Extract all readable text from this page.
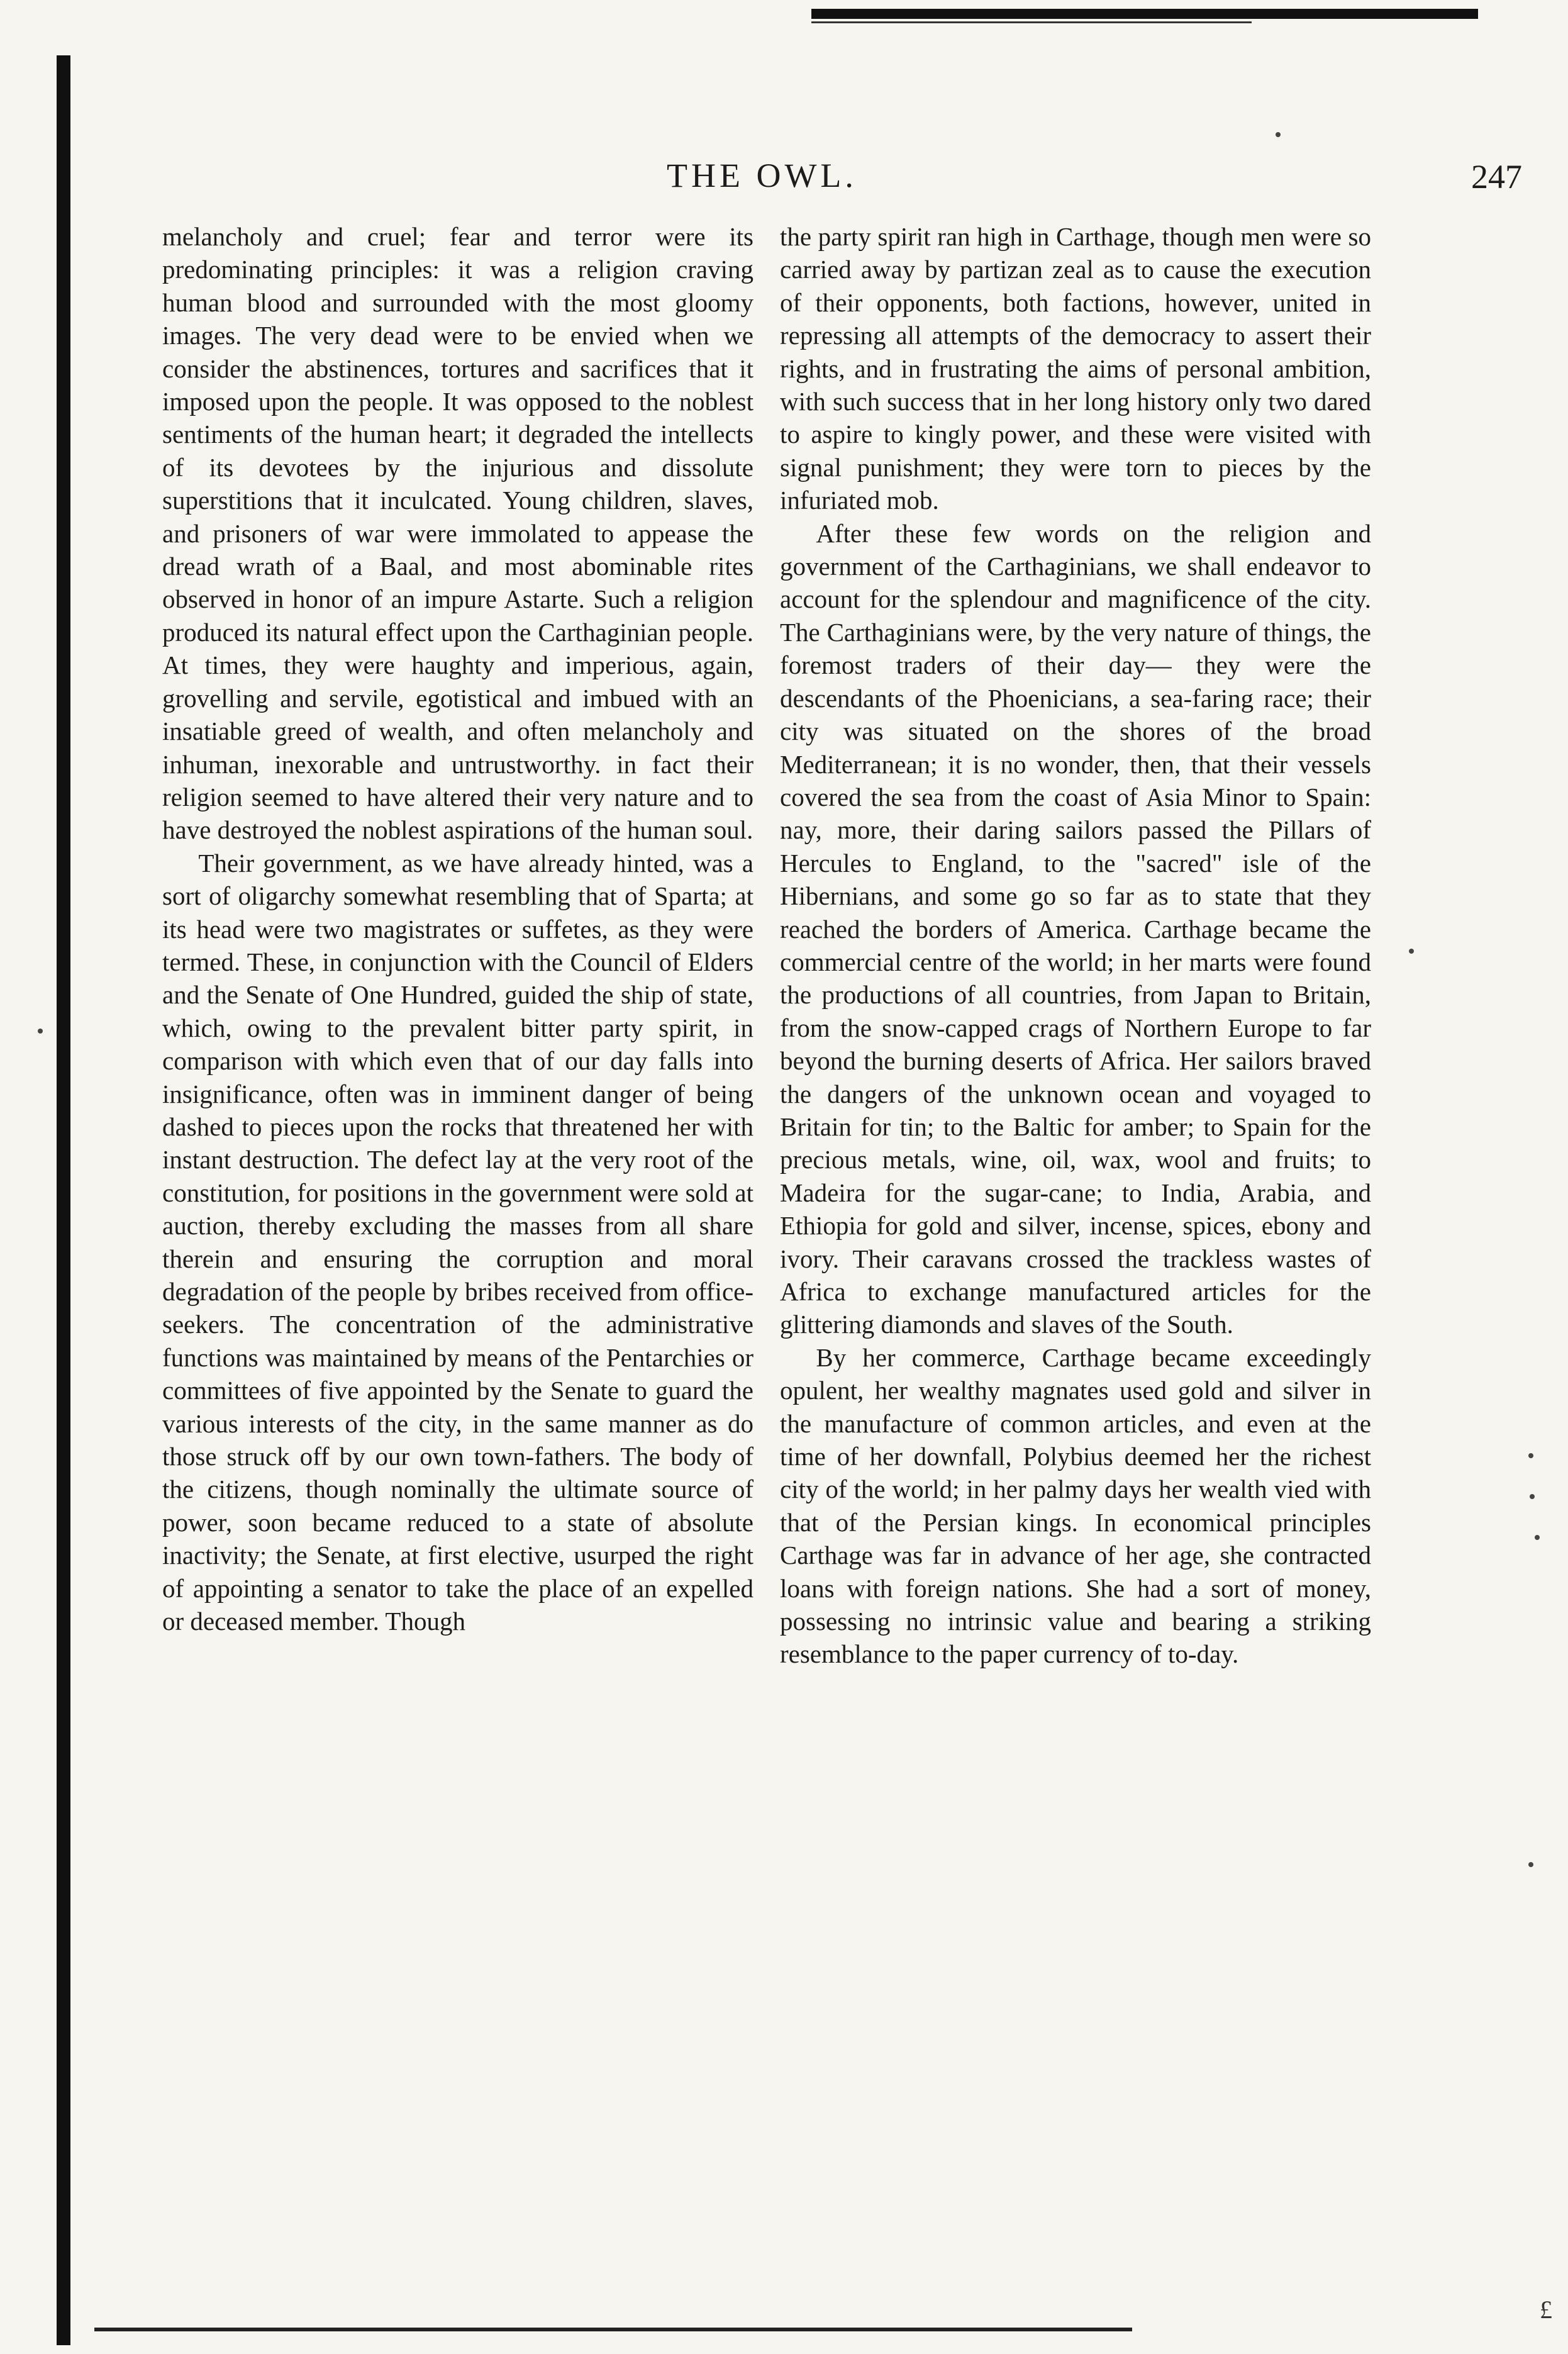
THE OWL.	247

melancholy and cruel; fear and terror were its predominating principles: it was a religion craving human blood and surrounded with the most gloomy images. The very dead were to be envied when we consider the abstinences, tortures and sacrifices that it imposed upon the people. It was opposed to the noblest sentiments of the human heart; it degraded the intellects of its devotees by the injurious and dissolute superstitions that it inculcated. Young children, slaves, and prisoners of war were immolated to appease the dread wrath of a Baal, and most abominable rites observed in honor of an impure Astarte. Such a religion produced its natural effect upon the Carthaginian people. At times, they were haughty and imperious, again, grovelling and servile, egotistical and imbued with an insatiable greed of wealth, and often melancholy and inhuman, inexorable and untrustworthy. in fact their religion seemed to have altered their very nature and to have destroyed the noblest aspirations of the human soul.

Their government, as we have already hinted, was a sort of oligarchy somewhat resembling that of Sparta; at its head were two magistrates or suffetes, as they were termed. These, in conjunction with the Council of Elders and the Senate of One Hundred, guided the ship of state, which, owing to the prevalent bitter party spirit, in comparison with which even that of our day falls into insignificance, often was in imminent danger of being dashed to pieces upon the rocks that threatened her with instant destruction. The defect lay at the very root of the constitution, for positions in the government were sold at auction, thereby excluding the masses from all share therein and ensuring the corruption and moral degradation of the people by bribes received from office-seekers. The concentration of the administrative functions was maintained by means of the Pentarchies or committees of five appointed by the Senate to guard the various interests of the city, in the same manner as do those struck off by our own town-fathers. The body of the citizens, though nominally the ultimate source of power, soon became reduced to a state of absolute inactivity; the Senate, at first elective, usurped the right of appointing a senator to take the place of an expelled or deceased member. Though

the party spirit ran high in Carthage, though men were so carried away by partizan zeal as to cause the execution of their opponents, both factions, however, united in repressing all attempts of the democracy to assert their rights, and in frustrating the aims of personal ambition, with such success that in her long history only two dared to aspire to kingly power, and these were visited with signal punishment; they were torn to pieces by the infuriated mob.

After these few words on the religion and government of the Carthaginians, we shall endeavor to account for the splendour and magnificence of the city. The Carthaginians were, by the very nature of things, the foremost traders of their day— they were the descendants of the Phoenicians, a sea-faring race; their city was situated on the shores of the broad Mediterranean; it is no wonder, then, that their vessels covered the sea from the coast of Asia Minor to Spain: nay, more, their daring sailors passed the Pillars of Hercules to England, to the "sacred" isle of the Hibernians, and some go so far as to state that they reached the borders of America. Carthage became the commercial centre of the world; in her marts were found the productions of all countries, from Japan to Britain, from the snow-capped crags of Northern Europe to far beyond the burning deserts of Africa. Her sailors braved the dangers of the unknown ocean and voyaged to Britain for tin; to the Baltic for amber; to Spain for the precious metals, wine, oil, wax, wool and fruits; to Madeira for the sugar-cane; to India, Arabia, and Ethiopia for gold and silver, incense, spices, ebony and ivory. Their caravans crossed the trackless wastes of Africa to exchange manufactured articles for the glittering diamonds and slaves of the South.

By her commerce, Carthage became exceedingly opulent, her wealthy magnates used gold and silver in the manufacture of common articles, and even at the time of her downfall, Polybius deemed her the richest city of the world; in her palmy days her wealth vied with that of the Persian kings. In economical principles Carthage was far in advance of her age, she contracted loans with foreign nations. She had a sort of money, possessing no intrinsic value and bearing a striking resemblance to the paper currency of to-day.

£
